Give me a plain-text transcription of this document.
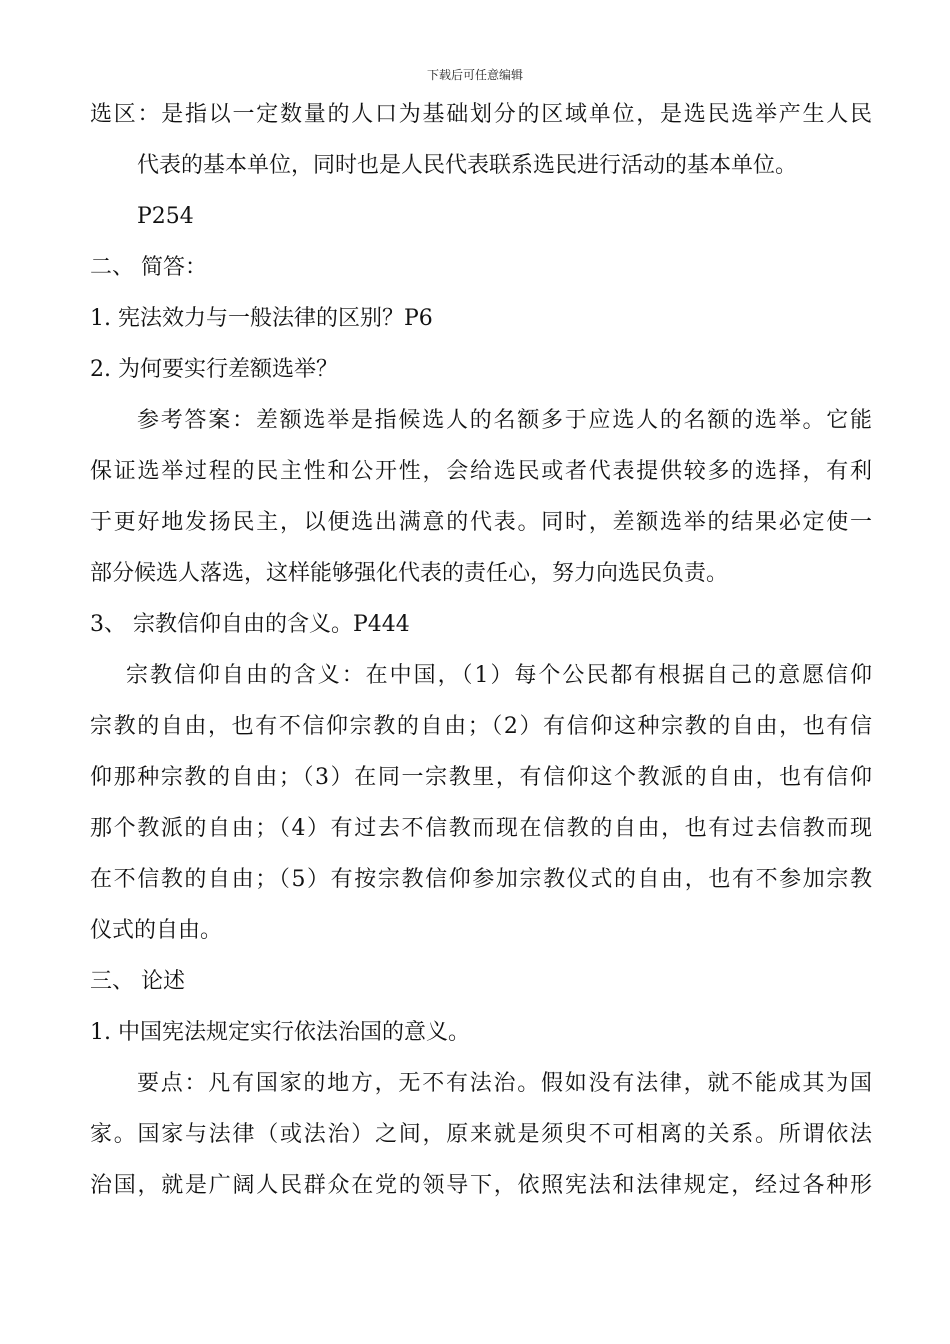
下载后可任意编辑
选区：是指以一定数量的人口为基础划分的区域单位，是选民选举产生人民
代表的基本单位，同时也是人民代表联系选民进行活动的基本单位。
P254
二、 简答：
1. 宪法效力与一般法律的区别？P6
2. 为何要实行差额选举？
参考答案：差额选举是指候选人的名额多于应选人的名额的选举。它能
保证选举过程的民主性和公开性，会给选民或者代表提供较多的选择，有利
于更好地发扬民主，以便选出满意的代表。同时，差额选举的结果必定使一
部分候选人落选，这样能够强化代表的责任心，努力向选民负责。
3、 宗教信仰自由的含义。P444
宗教信仰自由的含义：在中国，（1）每个公民都有根据自己的意愿信仰
宗教的自由，也有不信仰宗教的自由；（2）有信仰这种宗教的自由，也有信
仰那种宗教的自由；（3）在同一宗教里，有信仰这个教派的自由，也有信仰
那个教派的自由；（4）有过去不信教而现在信教的自由，也有过去信教而现
在不信教的自由；（5）有按宗教信仰参加宗教仪式的自由，也有不参加宗教
仪式的自由。
三、 论述
1. 中国宪法规定实行依法治国的意义。
要点：凡有国家的地方，无不有法治。假如没有法律，就不能成其为国
家。国家与法律（或法治）之间，原来就是须臾不可相离的关系。所谓依法
治国，就是广阔人民群众在党的领导下，依照宪法和法律规定，经过各种形
